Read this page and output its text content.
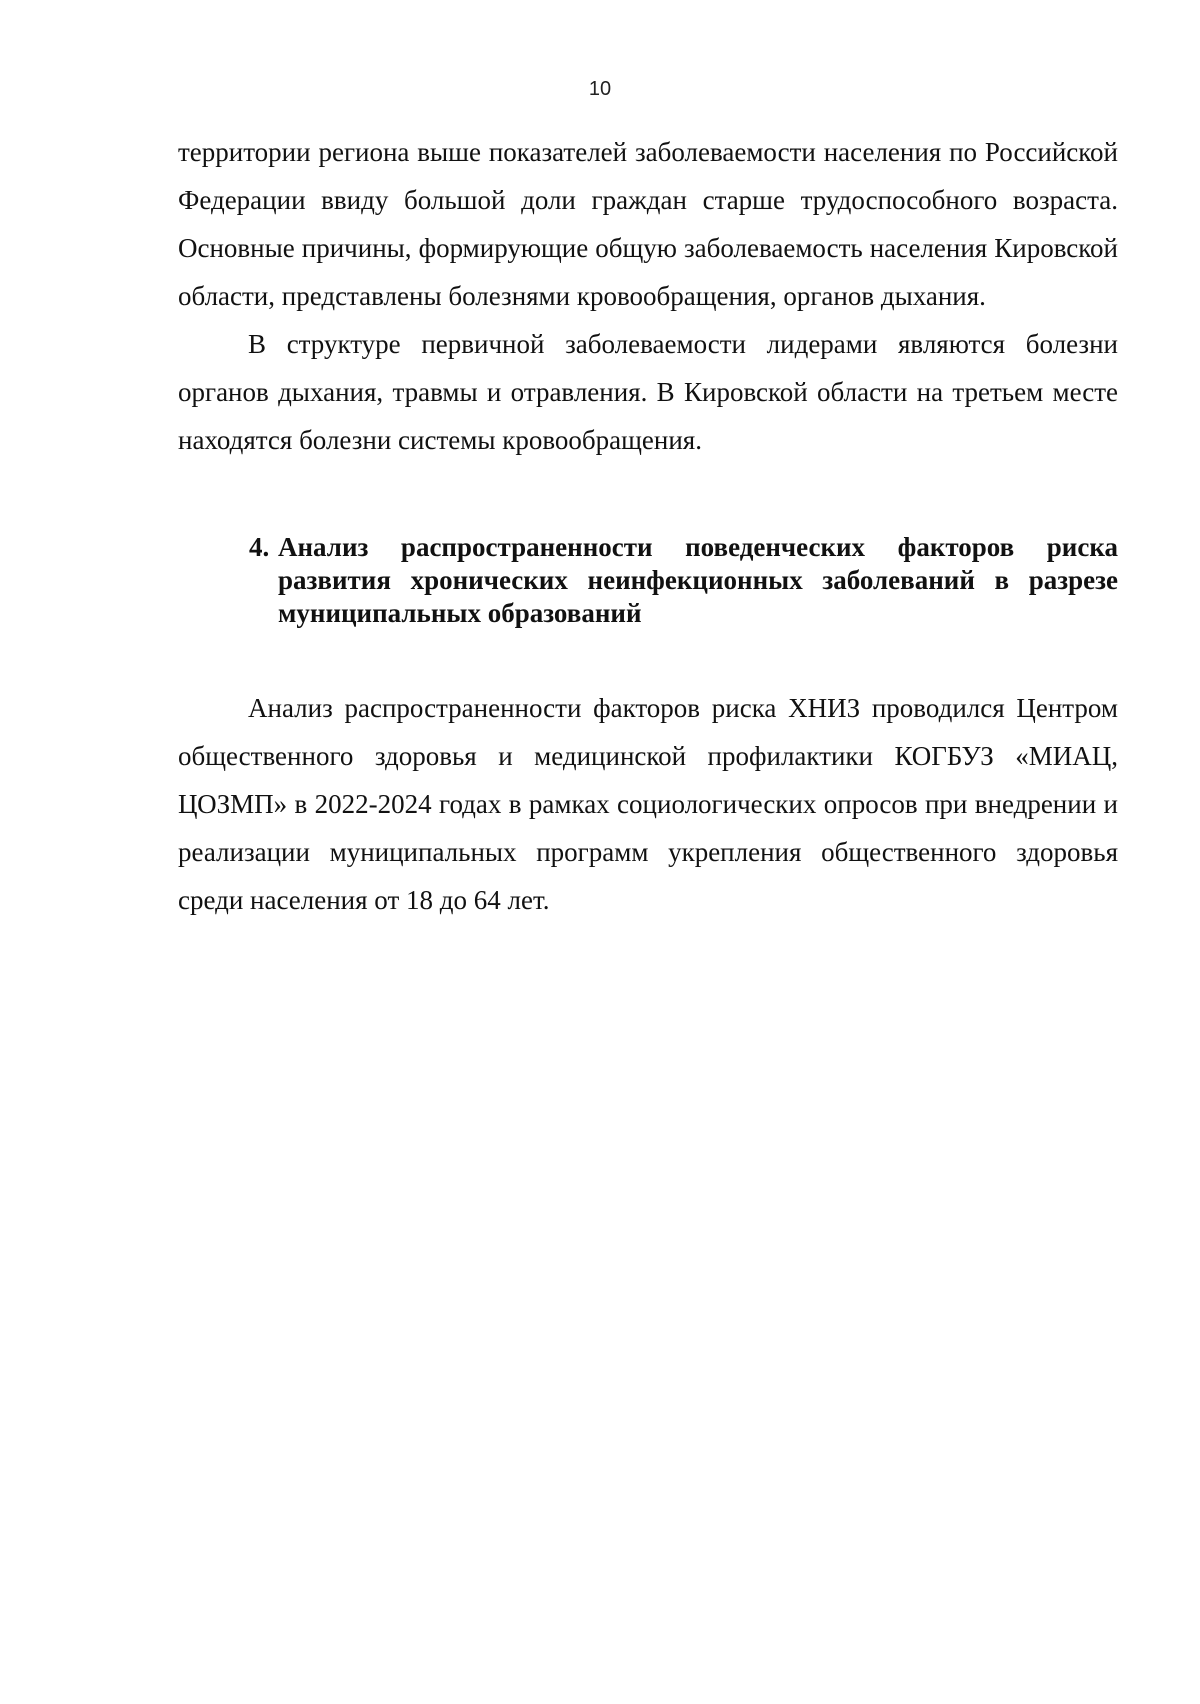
10

территории региона выше показателей заболеваемости населения по Российской Федерации ввиду большой доли граждан старше трудоспособного возраста. Основные причины, формирующие общую заболеваемость населения Кировской области, представлены болезнями кровообращения, органов дыхания.

В структуре первичной заболеваемости лидерами являются болезни органов дыхания, травмы и отравления. В Кировской области на третьем месте находятся болезни системы кровообращения.

4. Анализ распространенности поведенческих факторов риска развития хронических неинфекционных заболеваний в разрезе муниципальных образований

Анализ распространенности факторов риска ХНИЗ проводился Центром общественного здоровья и медицинской профилактики КОГБУЗ «МИАЦ, ЦОЗМП» в 2022-2024 годах в рамках социологических опросов при внедрении и реализации муниципальных программ укрепления общественного здоровья среди населения от 18 до 64 лет.
